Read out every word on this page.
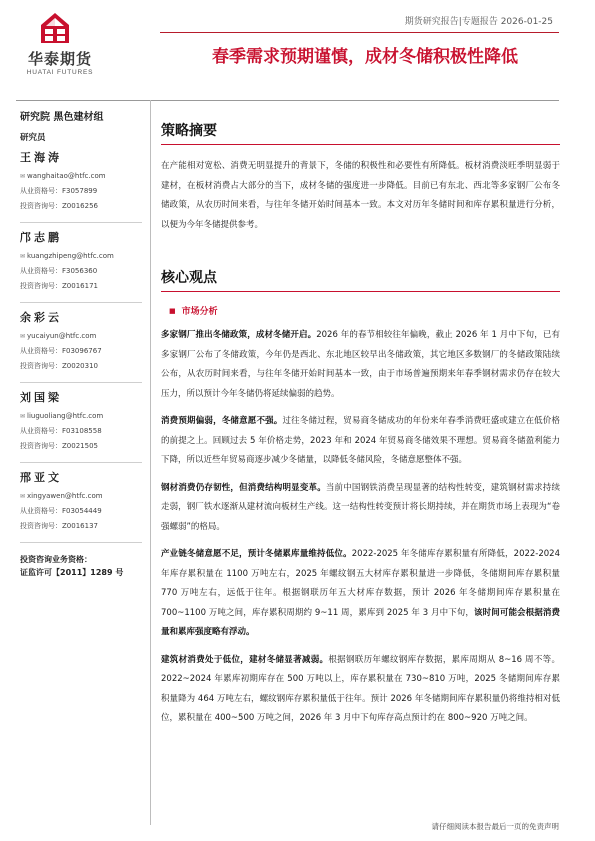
华泰期货
HUATAI FUTURES
期货研究报告|专题报告 2026-01-25
春季需求预期谨慎，成材冬储积极性降低
研究院 黑色建材组
研究员
王海涛
✉ wanghaitao@htfc.com
从业资格号：F3057899
投资咨询号：Z0016256
邝志鹏
✉ kuangzhipeng@htfc.com
从业资格号：F3056360
投资咨询号：Z0016171
余彩云
✉ yucaiyun@htfc.com
从业资格号：F03096767
投资咨询号：Z0020310
刘国梁
✉ liuguoliang@htfc.com
从业资格号：F03108558
投资咨询号：Z0021505
邢亚文
✉ xingyawen@htfc.com
从业资格号：F03054449
投资咨询号：Z0016137
投资咨询业务资格：
证监许可【2011】1289 号
策略摘要

在产能相对宽松、消费无明显提升的背景下，冬储的积极性和必要性有所降低。板材消费淡旺季明显弱于建材，在板材消费占大部分的当下，成材冬储的强度进一步降低。目前已有东北、西北等多家钢厂公布冬储政策，从农历时间来看，与往年冬储开始时间基本一致。本文对历年冬储时间和库存累积量进行分析，以便为今年冬储提供参考。

核心观点
■ 市场分析

多家钢厂推出冬储政策，成材冬储开启。2026 年的春节相较往年偏晚，截止 2026 年 1 月中下旬，已有多家钢厂公布了冬储政策，今年仍是西北、东北地区较早出冬储政策，其它地区多数钢厂的冬储政策陆续公布，从农历时间来看，与往年冬储开始时间基本一致，由于市场普遍预期来年春季钢材需求仍存在较大压力，所以预计今年冬储仍将延续偏弱的趋势。

消费预期偏弱，冬储意愿不强。过往冬储过程，贸易商冬储成功的年份来年春季消费旺盛或建立在低价格的前提之上。回顾过去 5 年价格走势，2023 年和 2024 年贸易商冬储效果不理想。贸易商冬储盈利能力下降，所以近些年贸易商逐步减少冬储量，以降低冬储风险，冬储意愿整体不强。

钢材消费仍存韧性，但消费结构明显变革。当前中国钢铁消费呈现显著的结构性转变，建筑钢材需求持续走弱，钢厂铁水逐渐从建材流向板材生产线。这一结构性转变预计将长期持续，并在期货市场上表现为“卷强螺弱”的格局。

产业链冬储意愿不足，预计冬储累库量维持低位。2022-2025 年冬储库存累积量有所降低，2022-2024 年库存累积量在 1100 万吨左右，2025 年螺纹钢五大材库存累积量进一步降低，冬储期间库存累积量 770 万吨左右，远低于往年。根据钢联历年五大材库存数据，预计 2026 年冬储期间库存累积量在 700~1100 万吨之间，库存累积周期约 9~11 周，累库到 2025 年 3 月中下旬，该时间可能会根据消费量和累库强度略有浮动。

建筑材消费处于低位，建材冬储显著减弱。根据钢联历年螺纹钢库存数据，累库周期从 8~16 周不等。2022~2024 年累库初期库存在 500 万吨以上，库存累积量在 730~810 万吨，2025 冬储期间库存累积量降为 464 万吨左右，螺纹钢库存累积量低于往年。预计 2026 年冬储期间库存累积量仍将维持相对低位，累积量在 400~500 万吨之间，2026 年 3 月中下旬库存高点预计约在 800~920 万吨之间。

请仔细阅读本报告最后一页的免责声明
